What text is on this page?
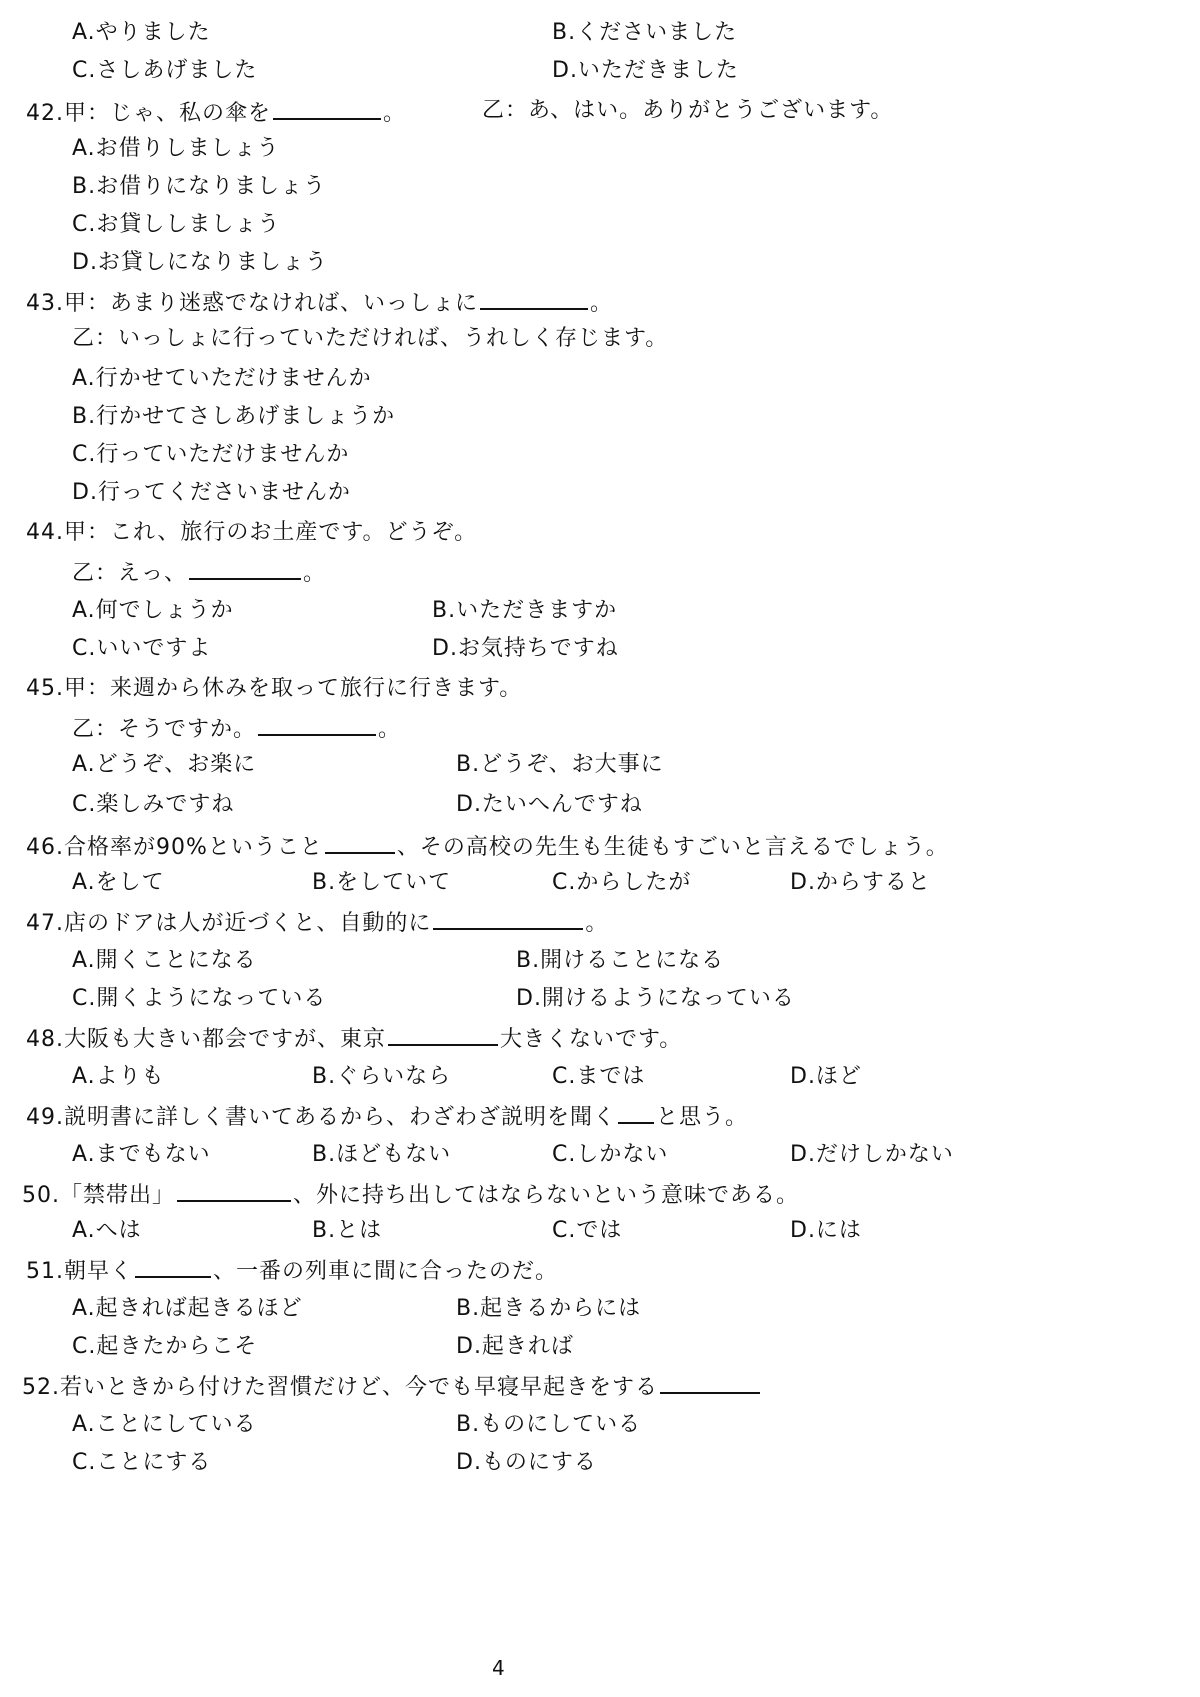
A.やりました	B.くださいました
C.さしあげました	D.いただきました
42.甲：じゃ、私の傘を	。	乙：あ、はい。ありがとうございます。
A.お借りしましょう
B.お借りになりましょう
C.お貸ししましょう
D.お貸しになりましょう
43.甲：あまり迷惑でなければ、いっしょに	。
乙：いっしょに行っていただければ、うれしく存じます。
A.行かせていただけませんか
B.行かせてさしあげましょうか
C.行っていただけませんか
D.行ってくださいませんか
44.甲：これ、旅行のお土産です。どうぞ。
乙：えっ、	。
A.何でしょうか	B.いただきますか
C.いいですよ	D.お気持ちですね
45.甲：来週から休みを取って旅行に行きます。
乙：そうですか。	。
A.どうぞ、お楽に	B.どうぞ、お大事に
C.楽しみですね	D.たいへんですね
46.合格率が90%ということ	、その高校の先生も生徒もすごいと言えるでしょう。
A.をして	B.をしていて	C.からしたが	D.からすると
47.店のドアは人が近づくと、自動的に	。
A.開くことになる	B.開けることになる
C.開くようになっている	D.開けるようになっている
48.大阪も大きい都会ですが、東京	大きくないです。
A.よりも	B.ぐらいなら	C.までは	D.ほど
49.説明書に詳しく書いてあるから、わざわざ説明を聞く と思う。
A.までもない	B.ほどもない	C.しかない	D.だけしかない
50.「禁帯出」	、外に持ち出してはならないという意味である。
A.へは	B.とは	C.では	D.には
51.朝早く	、一番の列車に間に合ったのだ。
A.起きれば起きるほど	B.起きるからには
C.起きたからこそ	D.起きれば
52.若いときから付けた習慣だけど、今でも早寝早起きをする
A.ことにしている	B.ものにしている
C.ことにする	D.ものにする
4
